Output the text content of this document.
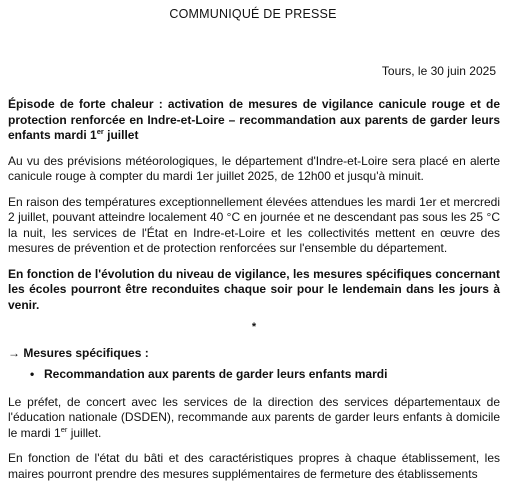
COMMUNIQUÉ DE PRESSE
Tours, le 30 juin 2025

Épisode de forte chaleur : activation de mesures de vigilance canicule rouge et de protection renforcée en Indre-et-Loire – recommandation aux parents de garder leurs enfants mardi 1er juillet

Au vu des prévisions météorologiques, le département d'Indre-et-Loire sera placé en alerte canicule rouge à compter du mardi 1er juillet 2025, de 12h00 et jusqu'à minuit.

En raison des températures exceptionnellement élevées attendues les mardi 1er et mercredi 2 juillet, pouvant atteindre localement 40 °C en journée et ne descendant pas sous les 25 °C la nuit, les services de l'État en Indre-et-Loire et les collectivités mettent en œuvre des mesures de prévention et de protection renforcées sur l'ensemble du département.

En fonction de l'évolution du niveau de vigilance, les mesures spécifiques concernant les écoles pourront être reconduites chaque soir pour le lendemain dans les jours à venir.

*
→ Mesures spécifiques :
• Recommandation aux parents de garder leurs enfants mardi

Le préfet, de concert avec les services de la direction des services départementaux de l'éducation nationale (DSDEN), recommande aux parents de garder leurs enfants à domicile le mardi 1er juillet.

En fonction de l'état du bâti et des caractéristiques propres à chaque établissement, les maires pourront prendre des mesures supplémentaires de fermeture des établissements
